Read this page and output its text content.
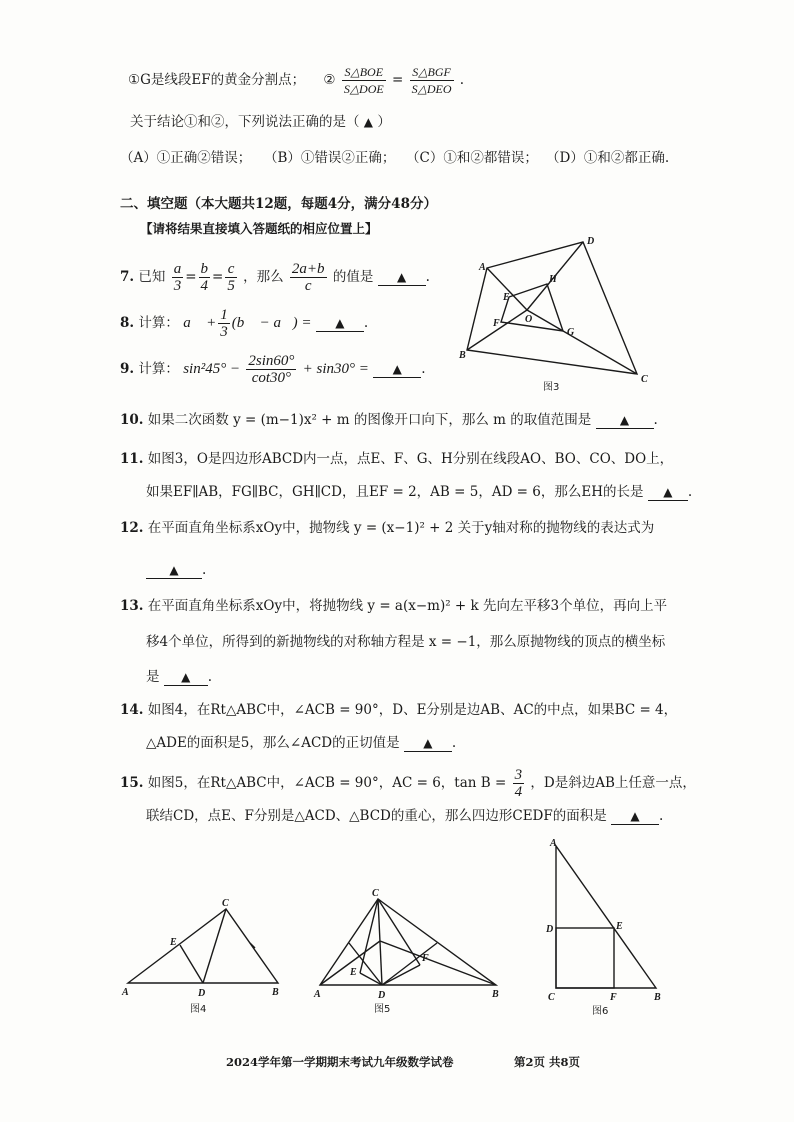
①G是线段EF的黄金分割点； ② $\frac{\text{S△BOE}}{\text{S△DOE}} = \frac{\text{S△BGF}}{\text{S△DEO}}$ .
关于结论①和②，下列说法正确的是（ ▲ ）
（A）①正确②错误； （B）①错误②正确； （C）①和②都错误； （D）①和②都正确.
二、填空题（本大题共12题，每题4分，满分48分）
【请将结果直接填入答题纸的相应位置上】
7. 已知 $\frac{a}{3} = \frac{b}{4} = \frac{c}{5}$ ，那么 $\frac{2a+b}{c}$ 的值是 ▲ .
8. 计算： a⃗ + $\frac{1}{3}$ (b⃗ − a⃗) = ▲ .
9. 计算： $\sin^245^\circ - \frac{2\sin 60^\circ}{\cot 30^\circ} + \sin 30^\circ$ = ▲ .
A
B
C
D
E
F
G
H
O
图3
10. 如果二次函数 y = (m−1)x² + m 的图像开口向下，那么 m 的取值范围是 ▲ .
11. 如图3，O是四边形ABCD内一点，点E、F、G、H分别在线段AO、BO、CO、DO上，
如果EF∥AB，FG∥BC，GH∥CD，且EF = 2，AB = 5，AD = 6，那么EH的长是 ▲ .
12. 在平面直角坐标系xOy中，抛物线 y = (x−1)² + 2 关于y轴对称的抛物线的表达式为
▲ .
13. 在平面直角坐标系xOy中，将抛物线 y = a(x−m)² + k 先向左平移3个单位，再向上平
移4个单位，所得到的新抛物线的对称轴方程是 x = −1，那么原抛物线的顶点的横坐标
是 ▲ .
14. 如图4，在Rt△ABC中，∠ACB = 90°，D、E分别是边AB、AC的中点，如果BC = 4，
△ADE的面积是5，那么∠ACD的正切值是 ▲ .
15. 如图5，在Rt△ABC中，∠ACB = 90°，AC = 6，$\tan B = \frac{3}{4}$ ，D是斜边AB上任意一点，
联结CD，点E、F分别是△ACD、△BCD的重心，那么四边形CEDF的面积是 ▲ .
A	B
C
D
E
图4
A	B
C
D
E
F
图5
A
B
C
D	E
F
图6
2024学年第一学期期末考试九年级数学试卷	第2页 共8页
